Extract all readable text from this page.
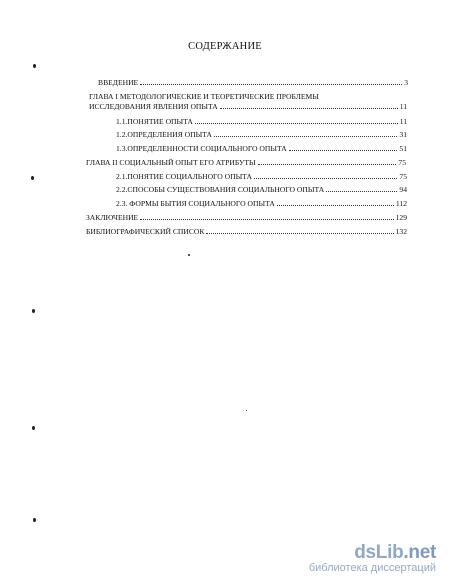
СОДЕРЖАНИЕ
ВВЕДЕНИЕ	3
ГЛАВА I МЕТОДОЛОГИЧЕСКИЕ И ТЕОРЕТИЧЕСКИЕ ПРОБЛЕМЫ
ИССЛЕДОВАНИЯ ЯВЛЕНИЯ ОПЫТА	11
1.1.ПОНЯТИЕ ОПЫТА	11
1.2.ОПРЕДЕЛЕНИЯ ОПЫТА	31
1.3.ОПРЕДЕЛЕННОСТИ СОЦИАЛЬНОГО ОПЫТА	51
ГЛАВА II СОЦИАЛЬНЫЙ ОПЫТ ЕГО АТРИБУТЫ	75
2.1.ПОНЯТИЕ СОЦИАЛЬНОГО ОПЫТА	75
2.2.СПОСОБЫ СУЩЕСТВОВАНИЯ СОЦИАЛЬНОГО ОПЫТА	94
2.3. ФОРМЫ БЫТИЯ СОЦИАЛЬНОГО ОПЫТА	112
ЗАКЛЮЧЕНИЕ	129
БИБЛИОГРАФИЧЕСКИЙ СПИСОК	132
dsLib.net
библиотека диссертаций
